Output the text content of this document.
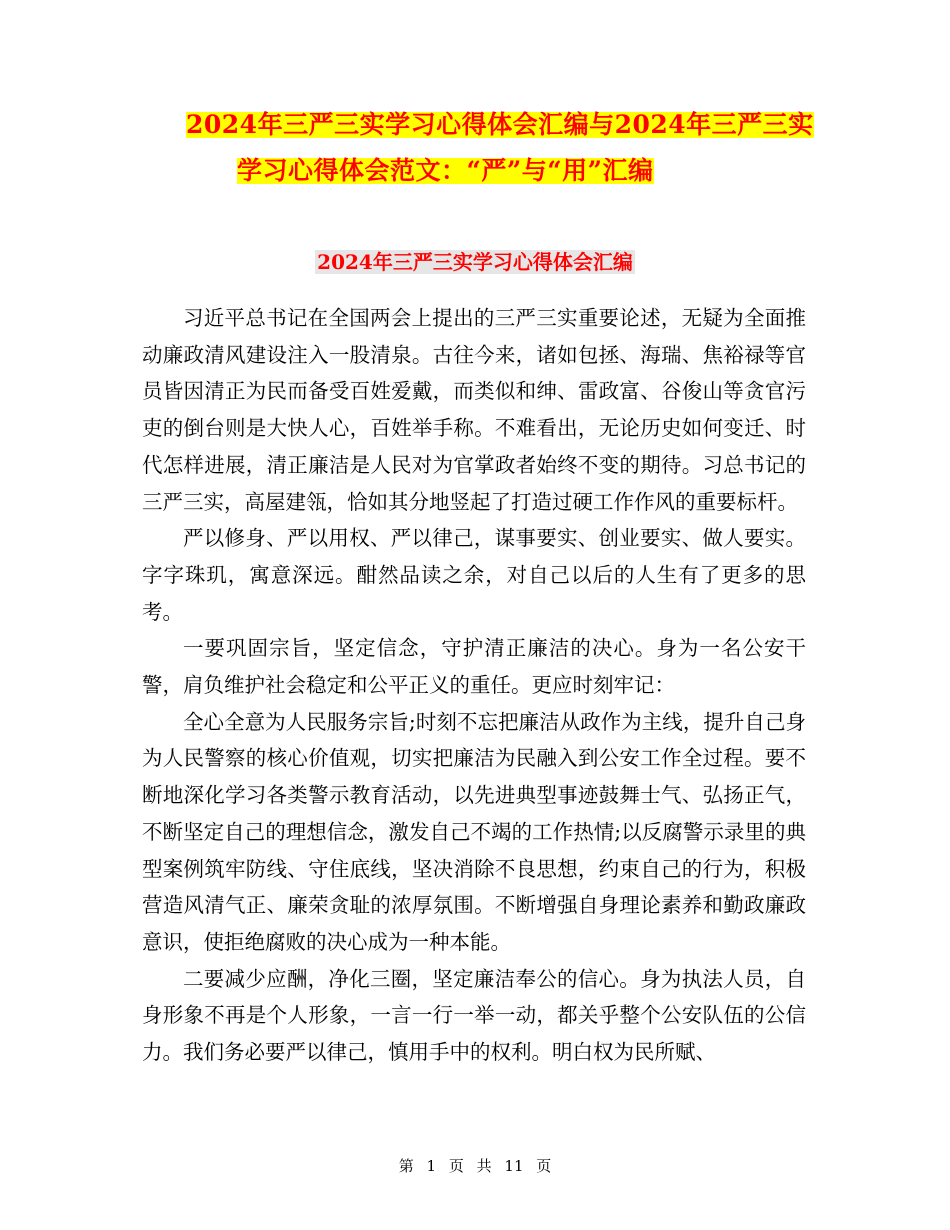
2024年三严三实学习心得体会汇编与2024年三严三实
学习心得体会范文：“严”与“用”汇编
2024年三严三实学习心得体会汇编

习近平总书记在全国两会上提出的三严三实重要论述，无疑为全面推动廉政清风建设注入一股清泉。古往今来，诸如包拯、海瑞、焦裕禄等官员皆因清正为民而备受百姓爱戴，而类似和绅、雷政富、谷俊山等贪官污吏的倒台则是大快人心，百姓举手称。不难看出，无论历史如何变迁、时代怎样进展，清正廉洁是人民对为官掌政者始终不变的期待。习总书记的三严三实，高屋建瓴，恰如其分地竖起了打造过硬工作作风的重要标杆。

严以修身、严以用权、严以律己，谋事要实、创业要实、做人要实。字字珠玑，寓意深远。酣然品读之余，对自己以后的人生有了更多的思考。

一要巩固宗旨，坚定信念，守护清正廉洁的决心。身为一名公安干警，肩负维护社会稳定和公平正义的重任。更应时刻牢记：

全心全意为人民服务宗旨;时刻不忘把廉洁从政作为主线，提升自己身为人民警察的核心价值观，切实把廉洁为民融入到公安工作全过程。要不断地深化学习各类警示教育活动，以先进典型事迹鼓舞士气、弘扬正气，不断坚定自己的理想信念，激发自己不竭的工作热情;以反腐警示录里的典型案例筑牢防线、守住底线，坚决消除不良思想，约束自己的行为，积极营造风清气正、廉荣贪耻的浓厚氛围。不断增强自身理论素养和勤政廉政意识，使拒绝腐败的决心成为一种本能。

二要减少应酬，净化三圈，坚定廉洁奉公的信心。身为执法人员，自身形象不再是个人形象，一言一行一举一动，都关乎整个公安队伍的公信力。我们务必要严以律己，慎用手中的权利。明白权为民所赋、

第 1 页 共 11 页
